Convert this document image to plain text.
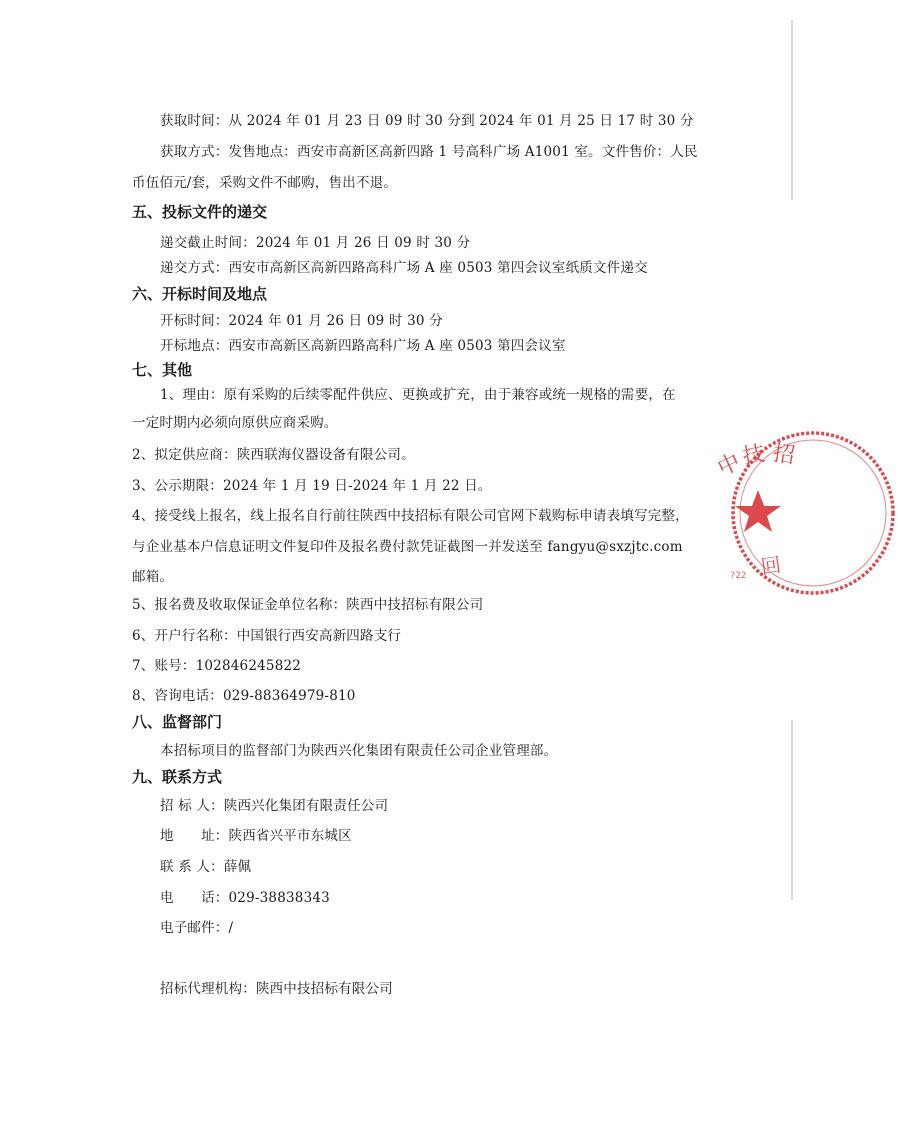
获取时间：从 2024 年 01 月 23 日 09 时 30 分到 2024 年 01 月 25 日 17 时 30 分
获取方式：发售地点：西安市高新区高新四路 1 号高科广场 A1001 室。文件售价：人民
币伍佰元/套，采购文件不邮购，售出不退。
五、投标文件的递交
递交截止时间：2024 年 01 月 26 日 09 时 30 分
递交方式：西安市高新区高新四路高科广场 A 座 0503 第四会议室纸质文件递交
六、开标时间及地点
开标时间：2024 年 01 月 26 日 09 时 30 分
开标地点：西安市高新区高新四路高科广场 A 座 0503 第四会议室
七、其他
1、理由：原有采购的后续零配件供应、更换或扩充，由于兼容或统一规格的需要，在
一定时期内必须向原供应商采购。
2、拟定供应商：陕西联海仪器设备有限公司。
3、公示期限：2024 年 1 月 19 日-2024 年 1 月 22 日。
4、接受线上报名，线上报名自行前往陕西中技招标有限公司官网下载购标申请表填写完整，
与企业基本户信息证明文件复印件及报名费付款凭证截图一并发送至 fangyu@sxzjtc.com
邮箱。
5、报名费及收取保证金单位名称：陕西中技招标有限公司
6、开户行名称：中国银行西安高新四路支行
7、账号：102846245822
8、咨询电话：029-88364979-810
八、监督部门
本招标项目的监督部门为陕西兴化集团有限责任公司企业管理部。
九、联系方式
招 标 人：陕西兴化集团有限责任公司
地　　址：陕西省兴平市东城区
联 系 人：薛佩
电　　话：029-38838343
电子邮件：/
招标代理机构：陕西中技招标有限公司
中
技 招
?22 回
